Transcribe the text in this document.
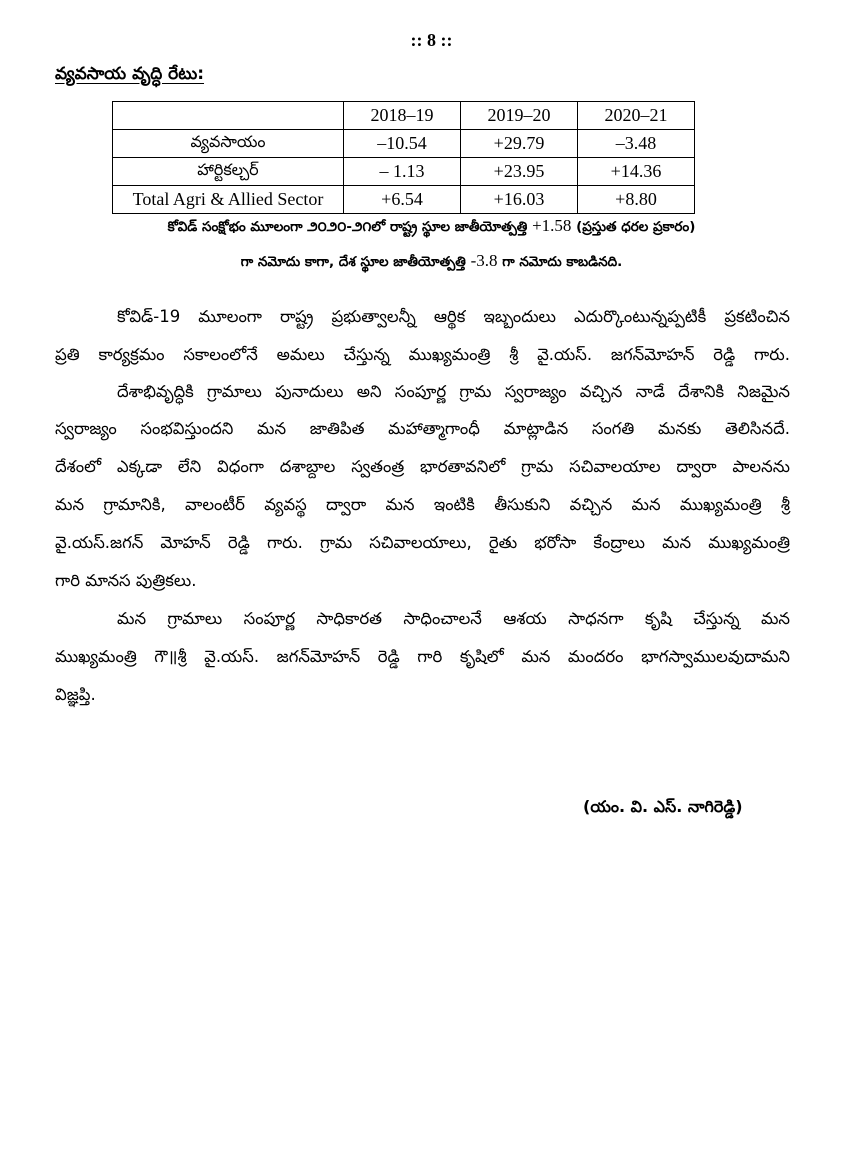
:: 8 ::
వ్యవసాయ వృద్ధి రేటు:
	2018–19	2019–20	2020–21
వ్యవసాయం	–10.54	+29.79	–3.48
హార్టికల్చర్	– 1.13	+23.95	+14.36
Total Agri & Allied Sector	+6.54	+16.03	+8.80
కోవిడ్ సంక్షోభం మూలంగా ౨౦౨౦-౨౧లో రాష్ట్ర స్థూల జాతీయోత్పత్తి +1.58 (ప్రస్తుత ధరల ప్రకారం)
గా నమోదు కాగా, దేశ స్థూల జాతీయోత్పత్తి -3.8 గా నమోదు కాబడినది.
కోవిడ్-19 మూలంగా రాష్ట్ర ప్రభుత్వాలన్నీ ఆర్థిక ఇబ్బందులు ఎదుర్కొంటున్నప్పటికీ ప్రకటించిన
ప్రతి కార్యక్రమం సకాలంలోనే అమలు చేస్తున్న ముఖ్యమంత్రి శ్రీ వై.యస్. జగన్‌మోహన్ రెడ్డి గారు.
దేశాభివృద్ధికి గ్రామాలు పునాదులు అని సంపూర్ణ గ్రామ స్వరాజ్యం వచ్చిన నాడే దేశానికి నిజమైన
స్వరాజ్యం సంభవిస్తుందని మన జాతిపిత మహాత్మాగాంధీ మాట్లాడిన సంగతి మనకు తెలిసినదే.
దేశంలో ఎక్కడా లేని విధంగా దశాబ్దాల స్వతంత్ర భారతావనిలో గ్రామ సచివాలయాల ద్వారా పాలనను
మన గ్రామానికి, వాలంటీర్ వ్యవస్థ ద్వారా మన ఇంటికి తీసుకుని వచ్చిన మన ముఖ్యమంత్రి శ్రీ
వై.యస్.జగన్ మోహన్ రెడ్డి గారు. గ్రామ సచివాలయాలు, రైతు భరోసా కేంద్రాలు మన ముఖ్యమంత్రి
గారి మానస పుత్రికలు.
మన గ్రామాలు సంపూర్ణ సాధికారత సాధించాలనే ఆశయ సాధనగా కృషి చేస్తున్న మన
ముఖ్యమంత్రి గౌ॥శ్రీ వై.యస్. జగన్‌మోహన్ రెడ్డి గారి కృషిలో మన మందరం భాగస్వాములవుదామని
విజ్ఞప్తి.
(యం. వి. ఎస్. నాగిరెడ్డి)
